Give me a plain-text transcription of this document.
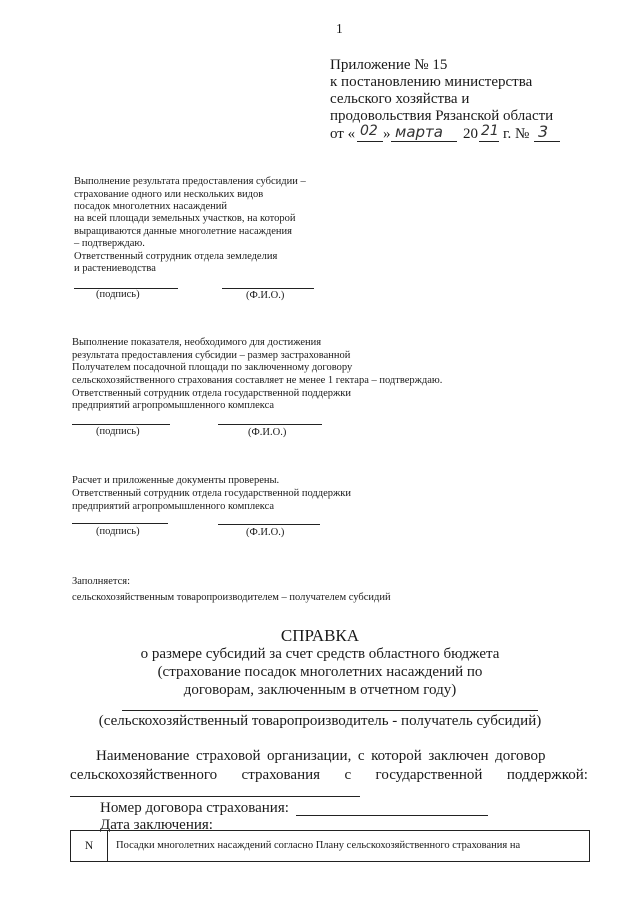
1
Приложение № 15
к постановлению министерства
сельского хозяйства и
продовольствия Рязанской области
от « 02 » марта 20 21 г. № 3
Выполнение результата предоставления субсидии –
страхование одного или нескольких видов
посадок многолетних насаждений
на всей площади земельных участков, на которой
выращиваются данные многолетние насаждения
– подтверждаю.
Ответственный сотрудник отдела земледелия
и растениеводства
(подпись)	(Ф.И.О.)
Выполнение показателя, необходимого для достижения
результата предоставления субсидии – размер застрахованной
Получателем посадочной площади по заключенному договору
сельскохозяйственного страхования составляет не менее 1 гектара – подтверждаю.
Ответственный сотрудник отдела государственной поддержки
предприятий агропромышленного комплекса
(подпись)	(Ф.И.О.)
Расчет и приложенные документы проверены.
Ответственный сотрудник отдела государственной поддержки
предприятий агропромышленного комплекса
(подпись)	(Ф.И.О.)
Заполняется:
сельскохозяйственным товаропроизводителем – получателем субсидий
СПРАВКА
о размере субсидий за счет средств областного бюджета
(страхование посадок многолетних насаждений по
договорам, заключенным в отчетном году)
(сельскохозяйственный товаропроизводитель - получатель субсидий)
Наименование страховой организации, с которой заключен договор
сельскохозяйственного страхования с государственной поддержкой:
Номер договора страхования:
Дата заключения:
N	Посадки многолетних насаждений согласно Плану сельскохозяйственного страхования на
